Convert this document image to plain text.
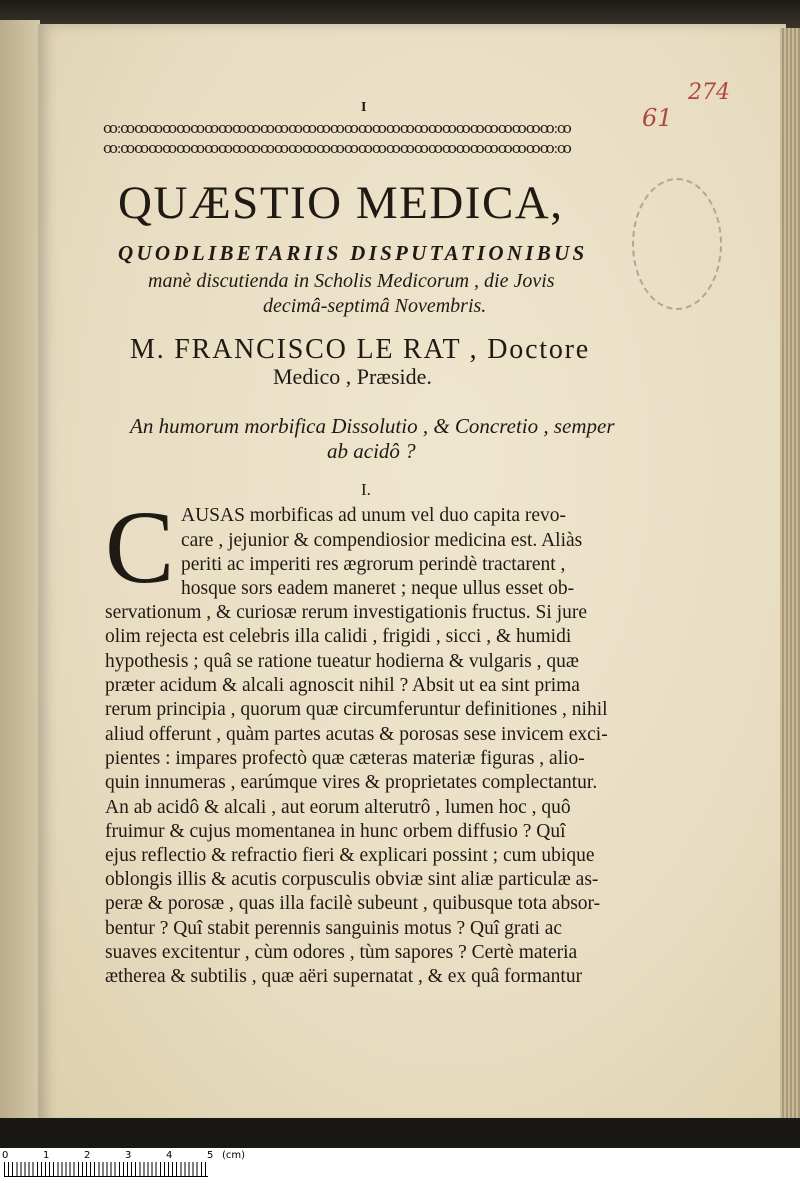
I
274
61
ꝏ:ꝏꝏꝏꝏꝏꝏꝏꝏꝏꝏꝏꝏꝏꝏꝏꝏꝏꝏꝏꝏꝏꝏꝏꝏꝏꝏꝏꝏꝏꝏꝏ:ꝏ
ꝏ:ꝏꝏꝏꝏꝏꝏꝏꝏꝏꝏꝏꝏꝏꝏꝏꝏꝏꝏꝏꝏꝏꝏꝏꝏꝏꝏꝏꝏꝏꝏꝏ:ꝏ
QUÆSTIO MEDICA,
QUODLIBETARIIS DISPUTATIONIBUS
manè discutienda in Scholis Medicorum , die Jovis
decimâ-septimâ Novembris.
M. FRANCISCO LE RAT , Doctore
Medico , Præside.
An humorum morbifica Dissolutio , & Concretio , semper
ab acidô ?
I.
C AUSAS morbificas ad unum vel duo capita revo-
care , jejunior & compendiosior medicina est. Aliàs
periti ac imperiti res ægrorum perindè tractarent ,
hosque sors eadem maneret ; neque ullus esset ob-
servationum , & curiosæ rerum investigationis fructus. Si jure
olim rejecta est celebris illa calidi , frigidi , sicci , & humidi
hypothesis ; quâ se ratione tueatur hodierna & vulgaris , quæ
præter acidum & alcali agnoscit nihil ? Absit ut ea sint prima
rerum principia , quorum quæ circumferuntur definitiones , nihil
aliud offerunt , quàm partes acutas & porosas sese invicem exci-
pientes : impares profectò quæ cæteras materiæ figuras , alio-
quin innumeras , earúmque vires & proprietates complectantur.
An ab acidô & alcali , aut eorum alterutrô , lumen hoc , quô
fruimur & cujus momentanea in hunc orbem diffusio ? Quî
ejus reflectio & refractio fieri & explicari possint ; cum ubique
oblongis illis & acutis corpusculis obviæ sint aliæ particulæ as-
peræ & porosæ , quas illa facilè subeunt , quibusque tota absor-
bentur ? Quî stabit perennis sanguinis motus ? Quî grati ac
suaves excitentur , cùm odores , tùm sapores ? Certè materia
ætherea & subtilis , quæ aëri supernatat , & ex quâ formantur
0	1	2	3	4	5 (cm)
